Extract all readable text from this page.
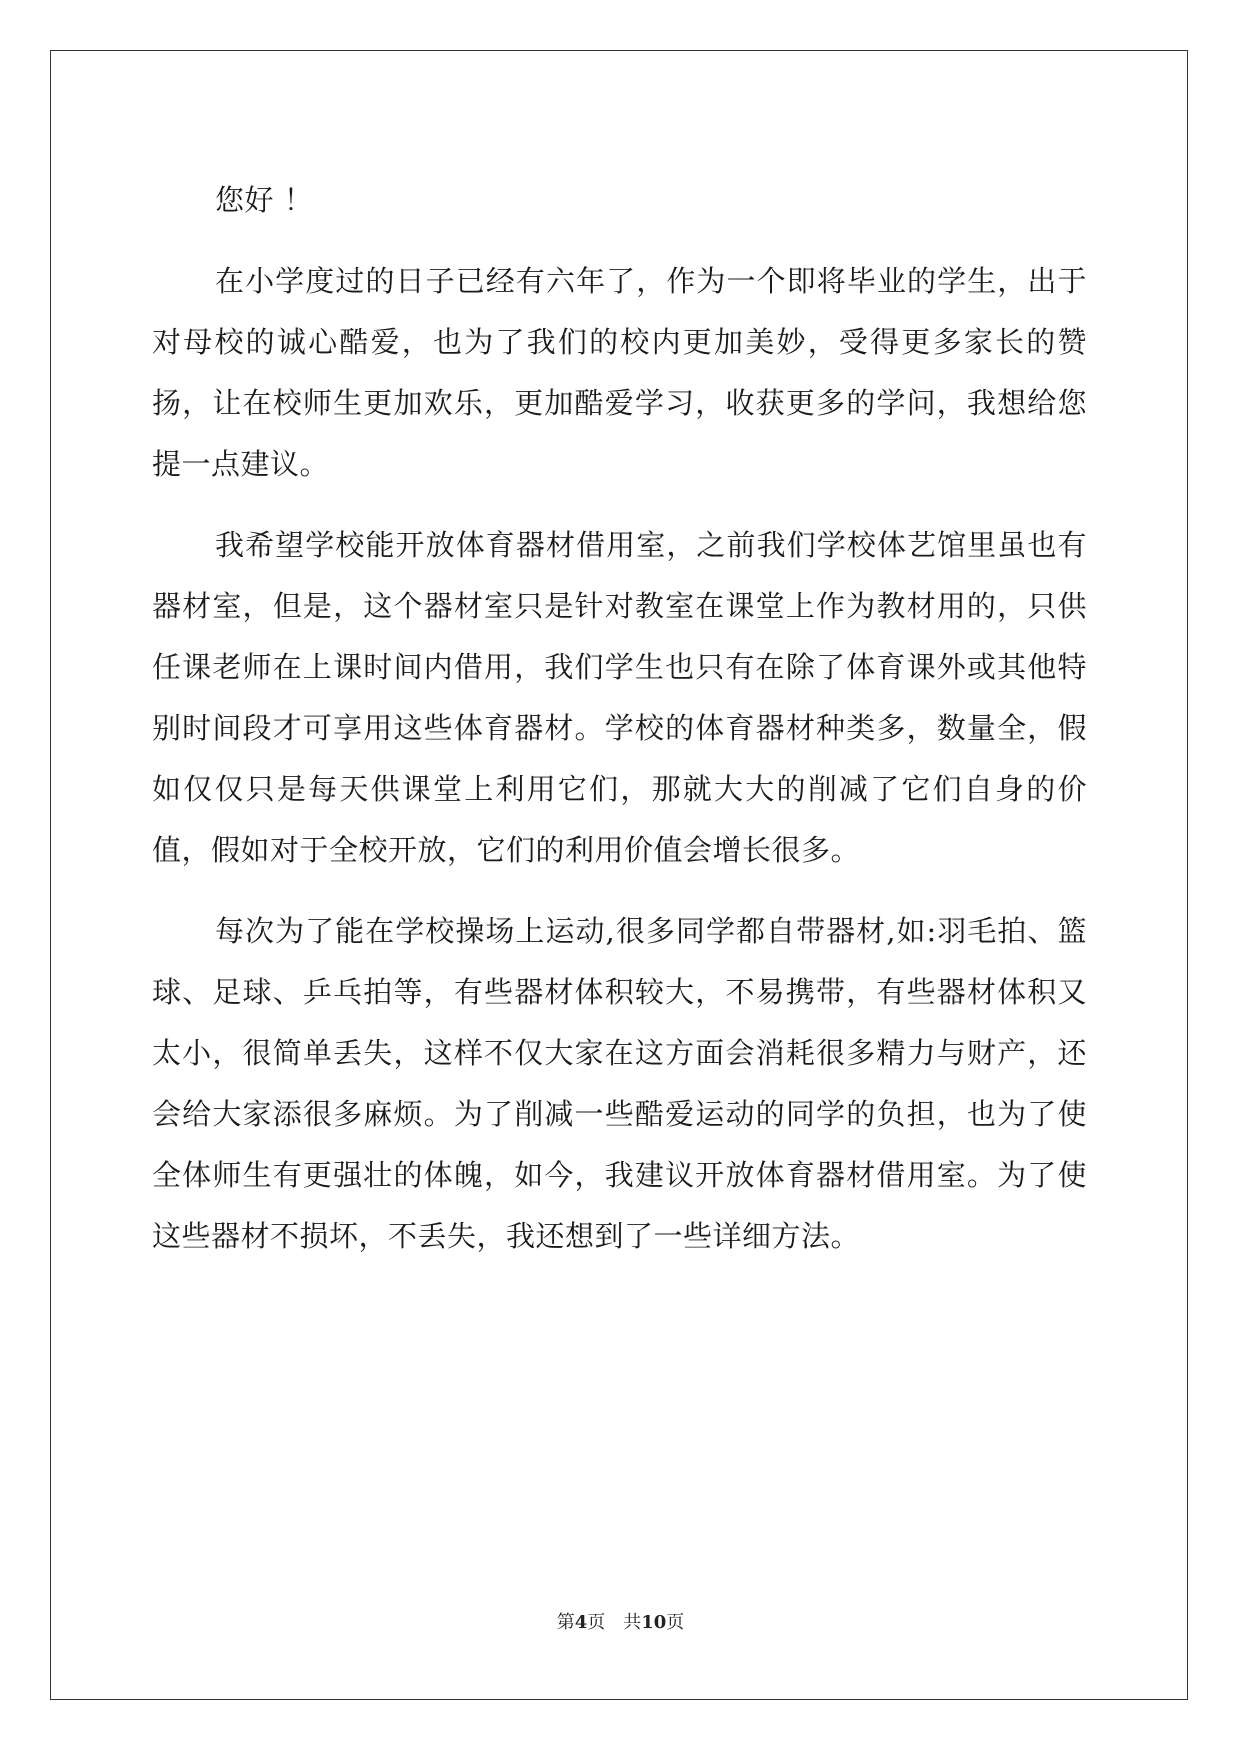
您好 ！

在小学度过的日子已经有六年了，作为一个即将毕业的学生，出于对母校的诚心酷爱，也为了我们的校内更加美妙，受得更多家长的赞扬，让在校师生更加欢乐，更加酷爱学习，收获更多的学问，我想给您提一点建议。

我希望学校能开放体育器材借用室，之前我们学校体艺馆里虽也有器材室，但是，这个器材室只是针对教室在课堂上作为教材用的，只供任课老师在上课时间内借用，我们学生也只有在除了体育课外或其他特别时间段才可享用这些体育器材。学校的体育器材种类多，数量全，假如仅仅只是每天供课堂上利用它们，那就大大的削减了它们自身的价值，假如对于全校开放，它们的利用价值会增长很多。

每次为了能在学校操场上运动,很多同学都自带器材,如:羽毛拍、篮球、足球、乒乓拍等，有些器材体积较大，不易携带，有些器材体积又太小，很简单丢失，这样不仅大家在这方面会消耗很多精力与财产，还会给大家添很多麻烦。为了削减一些酷爱运动的同学的负担，也为了使全体师生有更强壮的体魄，如今，我建议开放体育器材借用室。为了使这些器材不损坏，不丢失，我还想到了一些详细方法。

第4页 共10页
